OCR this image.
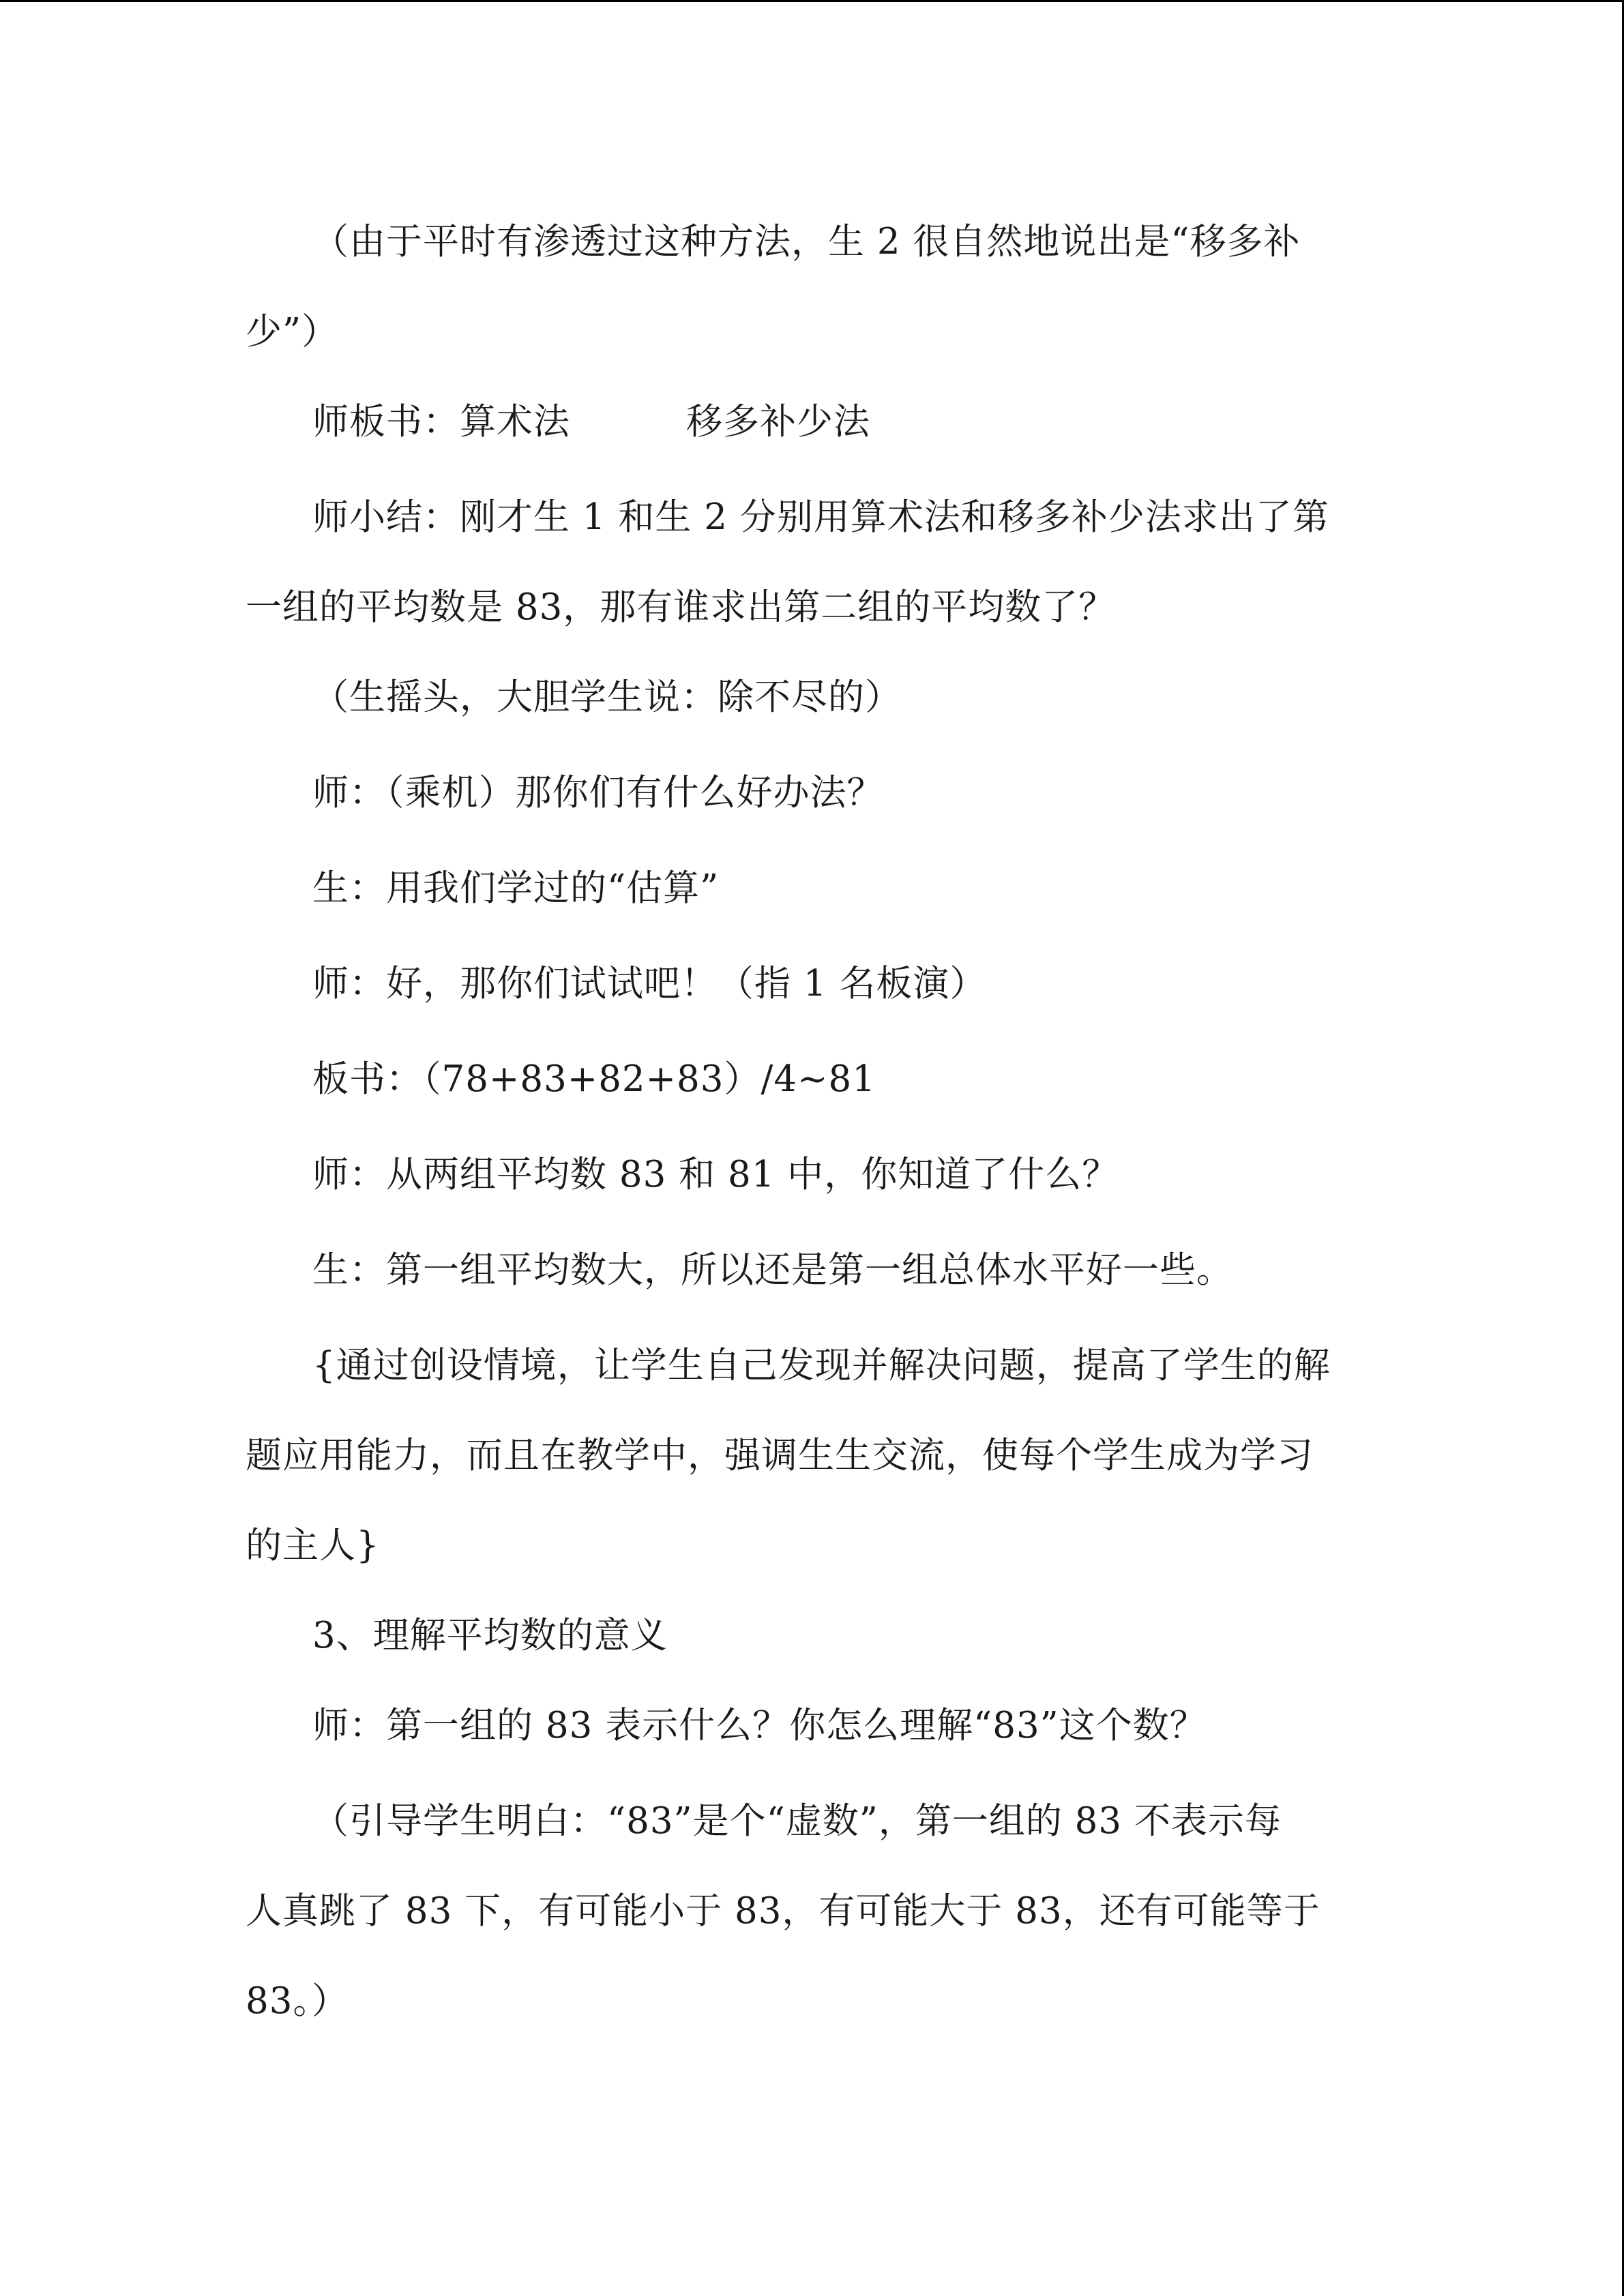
（由于平时有渗透过这种方法，生 2 很自然地说出是“移多补
少”）
师板书：算术法	移多补少法
师小结：刚才生 1 和生 2 分别用算术法和移多补少法求出了第
一组的平均数是 83，那有谁求出第二组的平均数了？
（生摇头，大胆学生说：除不尽的）
师：（乘机）那你们有什么好办法？
生：用我们学过的“估算”
师：好，那你们试试吧！（指 1 名板演）
板书：（78+83+82+83）/4~81
师：从两组平均数 83 和 81 中，你知道了什么？
生：第一组平均数大，所以还是第一组总体水平好一些。
{通过创设情境，让学生自己发现并解决问题，提高了学生的解
题应用能力，而且在教学中，强调生生交流，使每个学生成为学习
的主人}
3、理解平均数的意义
师：第一组的 83 表示什么？你怎么理解“83”这个数？
（引导学生明白：“83”是个“虚数”，第一组的 83 不表示每
人真跳了 83 下，有可能小于 83，有可能大于 83，还有可能等于
83。）
